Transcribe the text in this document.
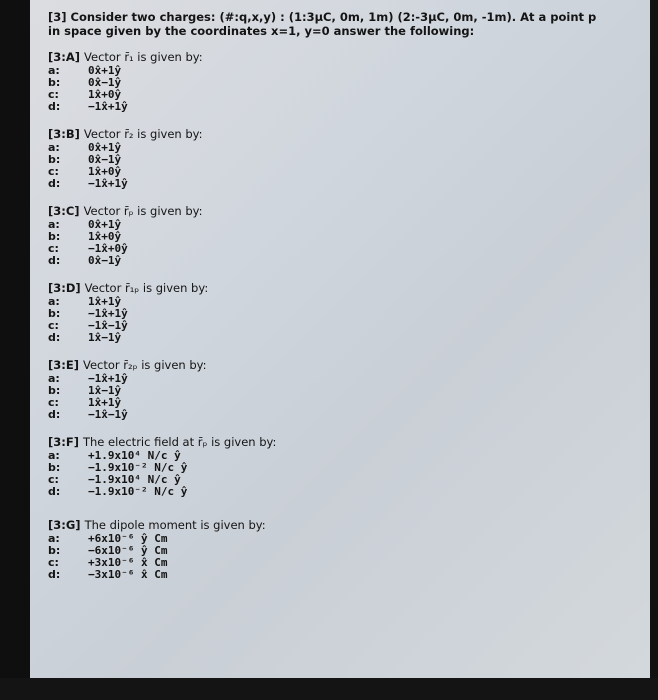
[3] Consider two charges: (#:q,x,y) : (1:3μC, 0m, 1m) (2:-3μC, 0m, -1m). At a point p in space given by the coordinates x=1, y=0 answer the following:
[3:A] Vector r̄₁ is given by:
a:	0x̂+1ŷ
b:	0x̂−1ŷ
c:	1x̂+0ŷ
d:	−1x̂+1ŷ
[3:B] Vector r̄₂ is given by:
a:	0x̂+1ŷ
b:	0x̂−1ŷ
c:	1x̂+0ŷ
d:	−1x̂+1ŷ
[3:C] Vector r̄ₚ is given by:
a:	0x̂+1ŷ
b:	1x̂+0ŷ
c:	−1x̂+0ŷ
d:	0x̂−1ŷ
[3:D] Vector r̄₁ₚ is given by:
a:	1x̂+1ŷ
b:	−1x̂+1ŷ
c:	−1x̂−1ŷ
d:	1x̂−1ŷ
[3:E] Vector r̄₂ₚ is given by:
a:	−1x̂+1ŷ
b:	1x̂−1ŷ
c:	1x̂+1ŷ
d:	−1x̂−1ŷ
[3:F] The electric field at r̄ₚ is given by:
a:	+1.9x10⁴ N/c ŷ
b:	−1.9x10⁻² N/c ŷ
c:	−1.9x10⁴ N/c ŷ
d:	−1.9x10⁻² N/c ŷ
[3:G] The dipole moment is given by:
a:	+6x10⁻⁶ ŷ Cm
b:	−6x10⁻⁶ ŷ Cm
c:	+3x10⁻⁶ x̂ Cm
d:	−3x10⁻⁶ x̂ Cm
